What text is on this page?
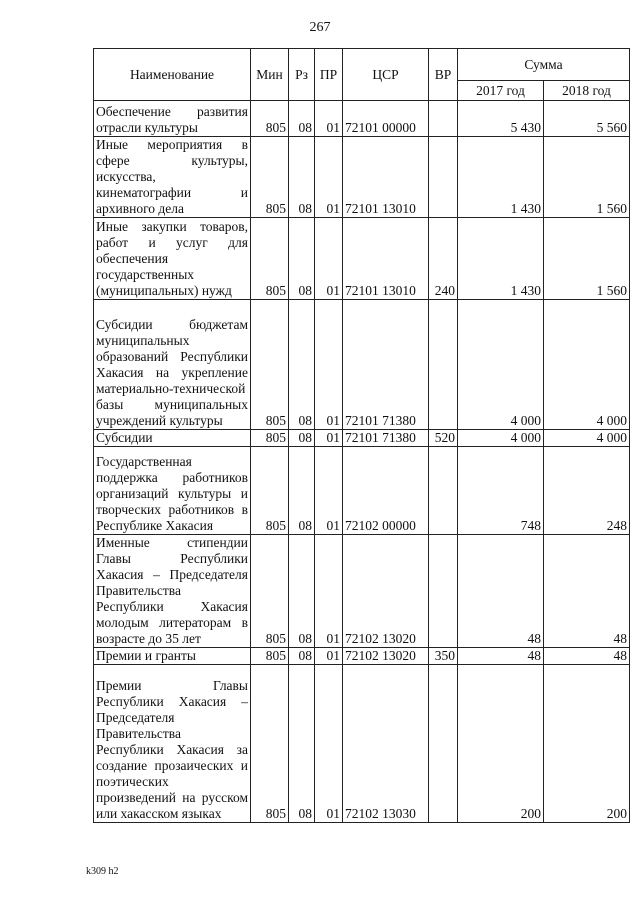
267
Наименование	Мин	Рз	ПР	ЦСР	ВР	Сумма	
						2017 год	2018 год
Обеспечение развития отрасли культуры	805	08	01	72101 00000		5 430	5 560
Иные мероприятия в сфере культуры, искусства, кинематографии и архивного дела	805	08	01	72101 13010		1 430	1 560
Иные закупки товаров, работ и услуг для обеспечения государственных (муниципальных) нужд	805	08	01	72101 13010	240	1 430	1 560
Субсидии бюджетам муниципальных образований Республики Хакасия на укрепление материально-технической базы муниципальных учреждений культуры	805	08	01	72101 71380		4 000	4 000
Субсидии	805	08	01	72101 71380	520	4 000	4 000
Государственная поддержка работников организаций культуры и творческих работников в Республике Хакасия	805	08	01	72102 00000		748	248
Именные стипендии Главы Республики Хакасия – Председателя Правительства Республики Хакасия молодым литераторам в возрасте до 35 лет	805	08	01	72102 13020		48	48
Премии и гранты	805	08	01	72102 13020	350	48	48
Премии Главы Республики Хакасия – Председателя Правительства Республики Хакасия за создание прозаических и поэтических произведений на русском или хакасском языках	805	08	01	72102 13030		200	200
k309 h2
